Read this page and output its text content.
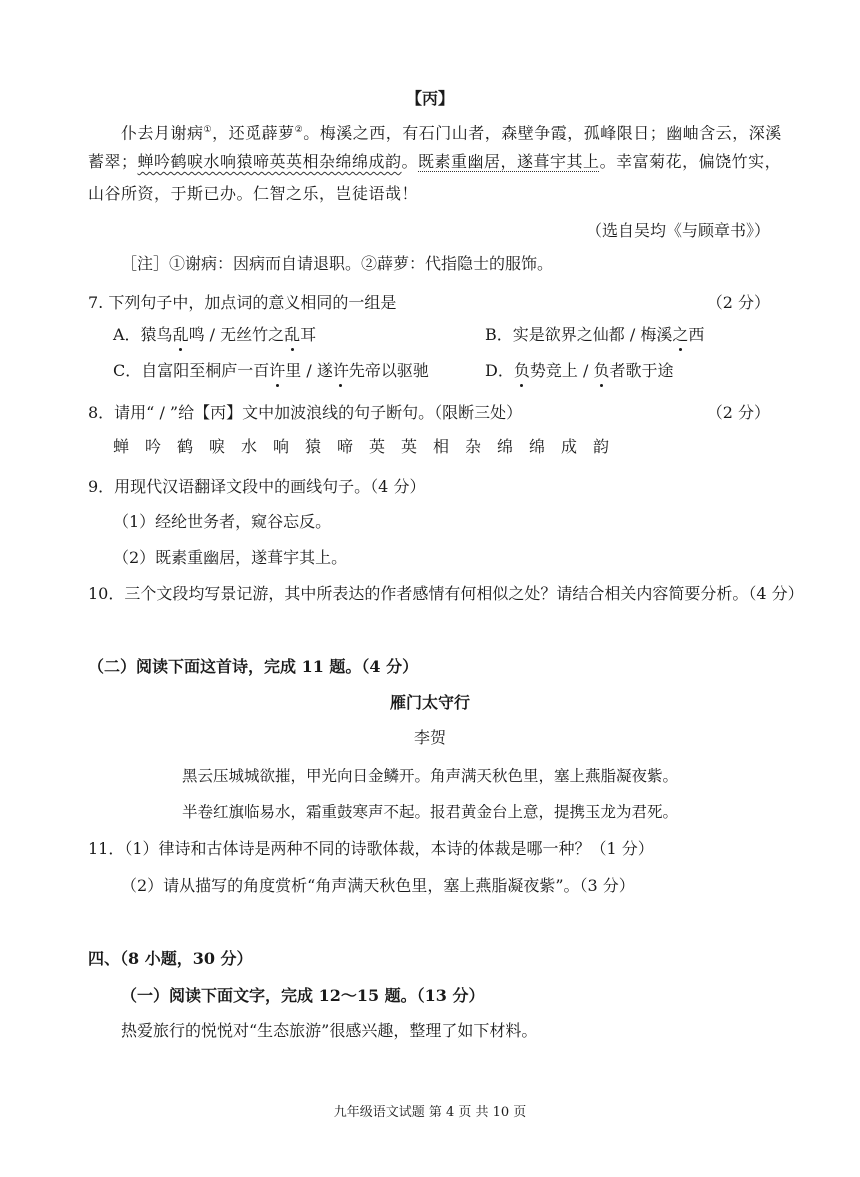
【丙】
仆去月谢病①，还觅薜萝②。梅溪之西，有石门山者，森壁争霞，孤峰限日；幽岫含云，深溪
蓄翠；蝉吟鹤唳水响猿啼英英相杂绵绵成韵。既素重幽居，遂葺宇其上。幸富菊花，偏饶竹实，
山谷所资，于斯已办。仁智之乐，岂徒语哉！
（选自吴均《与顾章书》）
［注］①谢病：因病而自请退职。②薜萝：代指隐士的服饰。
7. 下列句子中，加点词的意义相同的一组是	（2 分）
A．猿鸟乱鸣 / 无丝竹之乱耳	B．实是欲界之仙都 / 梅溪之西
C．自富阳至桐庐一百许里 / 遂许先帝以驱驰	D．负势竞上 / 负者歌于途
8．请用“ / ”给【丙】文中加波浪线的句子断句。（限断三处）	（2 分）
蝉 吟 鹤 唳 水 响 猿 啼 英 英 相 杂 绵 绵 成 韵
9．用现代汉语翻译文段中的画线句子。（4 分）
（1）经纶世务者，窥谷忘反。
（2）既素重幽居，遂葺宇其上。
10．三个文段均写景记游，其中所表达的作者感情有何相似之处？请结合相关内容简要分析。（4 分）
（二）阅读下面这首诗，完成 11 题。（4 分）
雁门太守行
李贺
黑云压城城欲摧，甲光向日金鳞开。角声满天秋色里，塞上燕脂凝夜紫。
半卷红旗临易水，霜重鼓寒声不起。报君黄金台上意，提携玉龙为君死。
11．（1）律诗和古体诗是两种不同的诗歌体裁，本诗的体裁是哪一种？（1 分）
（2）请从描写的角度赏析“角声满天秋色里，塞上燕脂凝夜紫”。（3 分）
四、（8 小题，30 分）
（一）阅读下面文字，完成 12～15 题。（13 分）
热爱旅行的悦悦对“生态旅游”很感兴趣，整理了如下材料。
九年级语文试题 第 4 页 共 10 页
